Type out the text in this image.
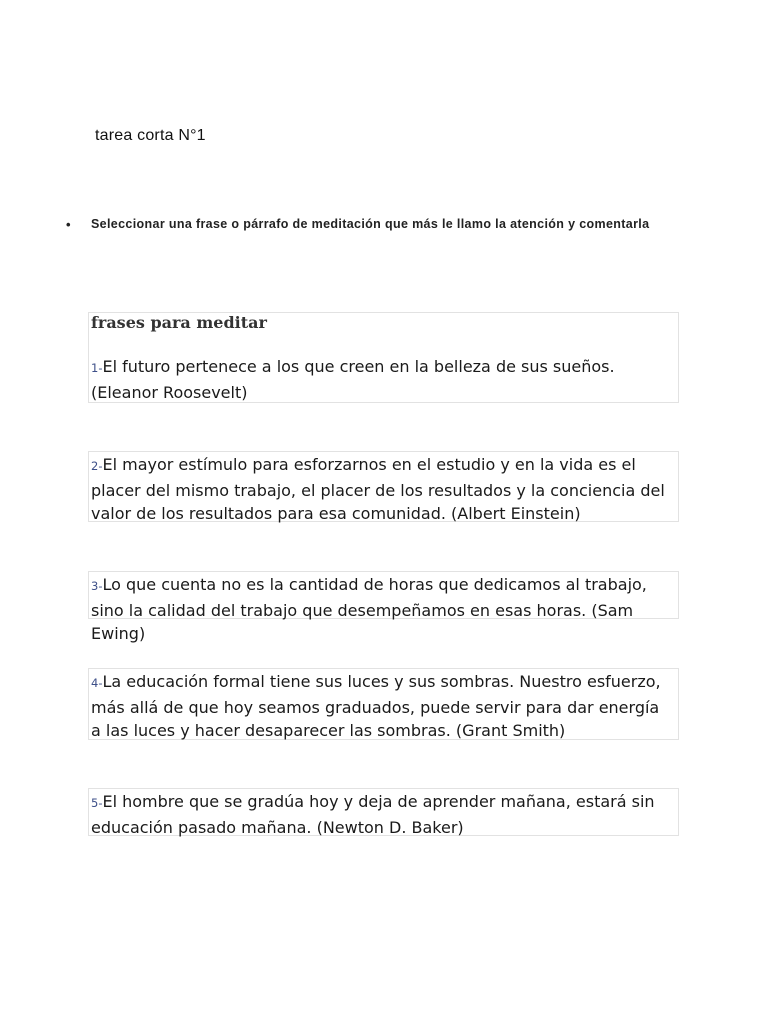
tarea corta N°1
• Seleccionar una frase o párrafo de meditación que más le llamo la atención y comentarla
frases para meditar
1-El futuro pertenece a los que creen en la belleza de sus sueños. (Eleanor Roosevelt)
2-El mayor estímulo para esforzarnos en el estudio y en la vida es el placer del mismo trabajo, el placer de los resultados y la conciencia del valor de los resultados para esa comunidad. (Albert Einstein)
3-Lo que cuenta no es la cantidad de horas que dedicamos al trabajo, sino la calidad del trabajo que desempeñamos en esas horas. (Sam Ewing)
4-La educación formal tiene sus luces y sus sombras. Nuestro esfuerzo, más allá de que hoy seamos graduados, puede servir para dar energía a las luces y hacer desaparecer las sombras. (Grant Smith)
5-El hombre que se gradúa hoy y deja de aprender mañana, estará sin educación pasado mañana. (Newton D. Baker)
